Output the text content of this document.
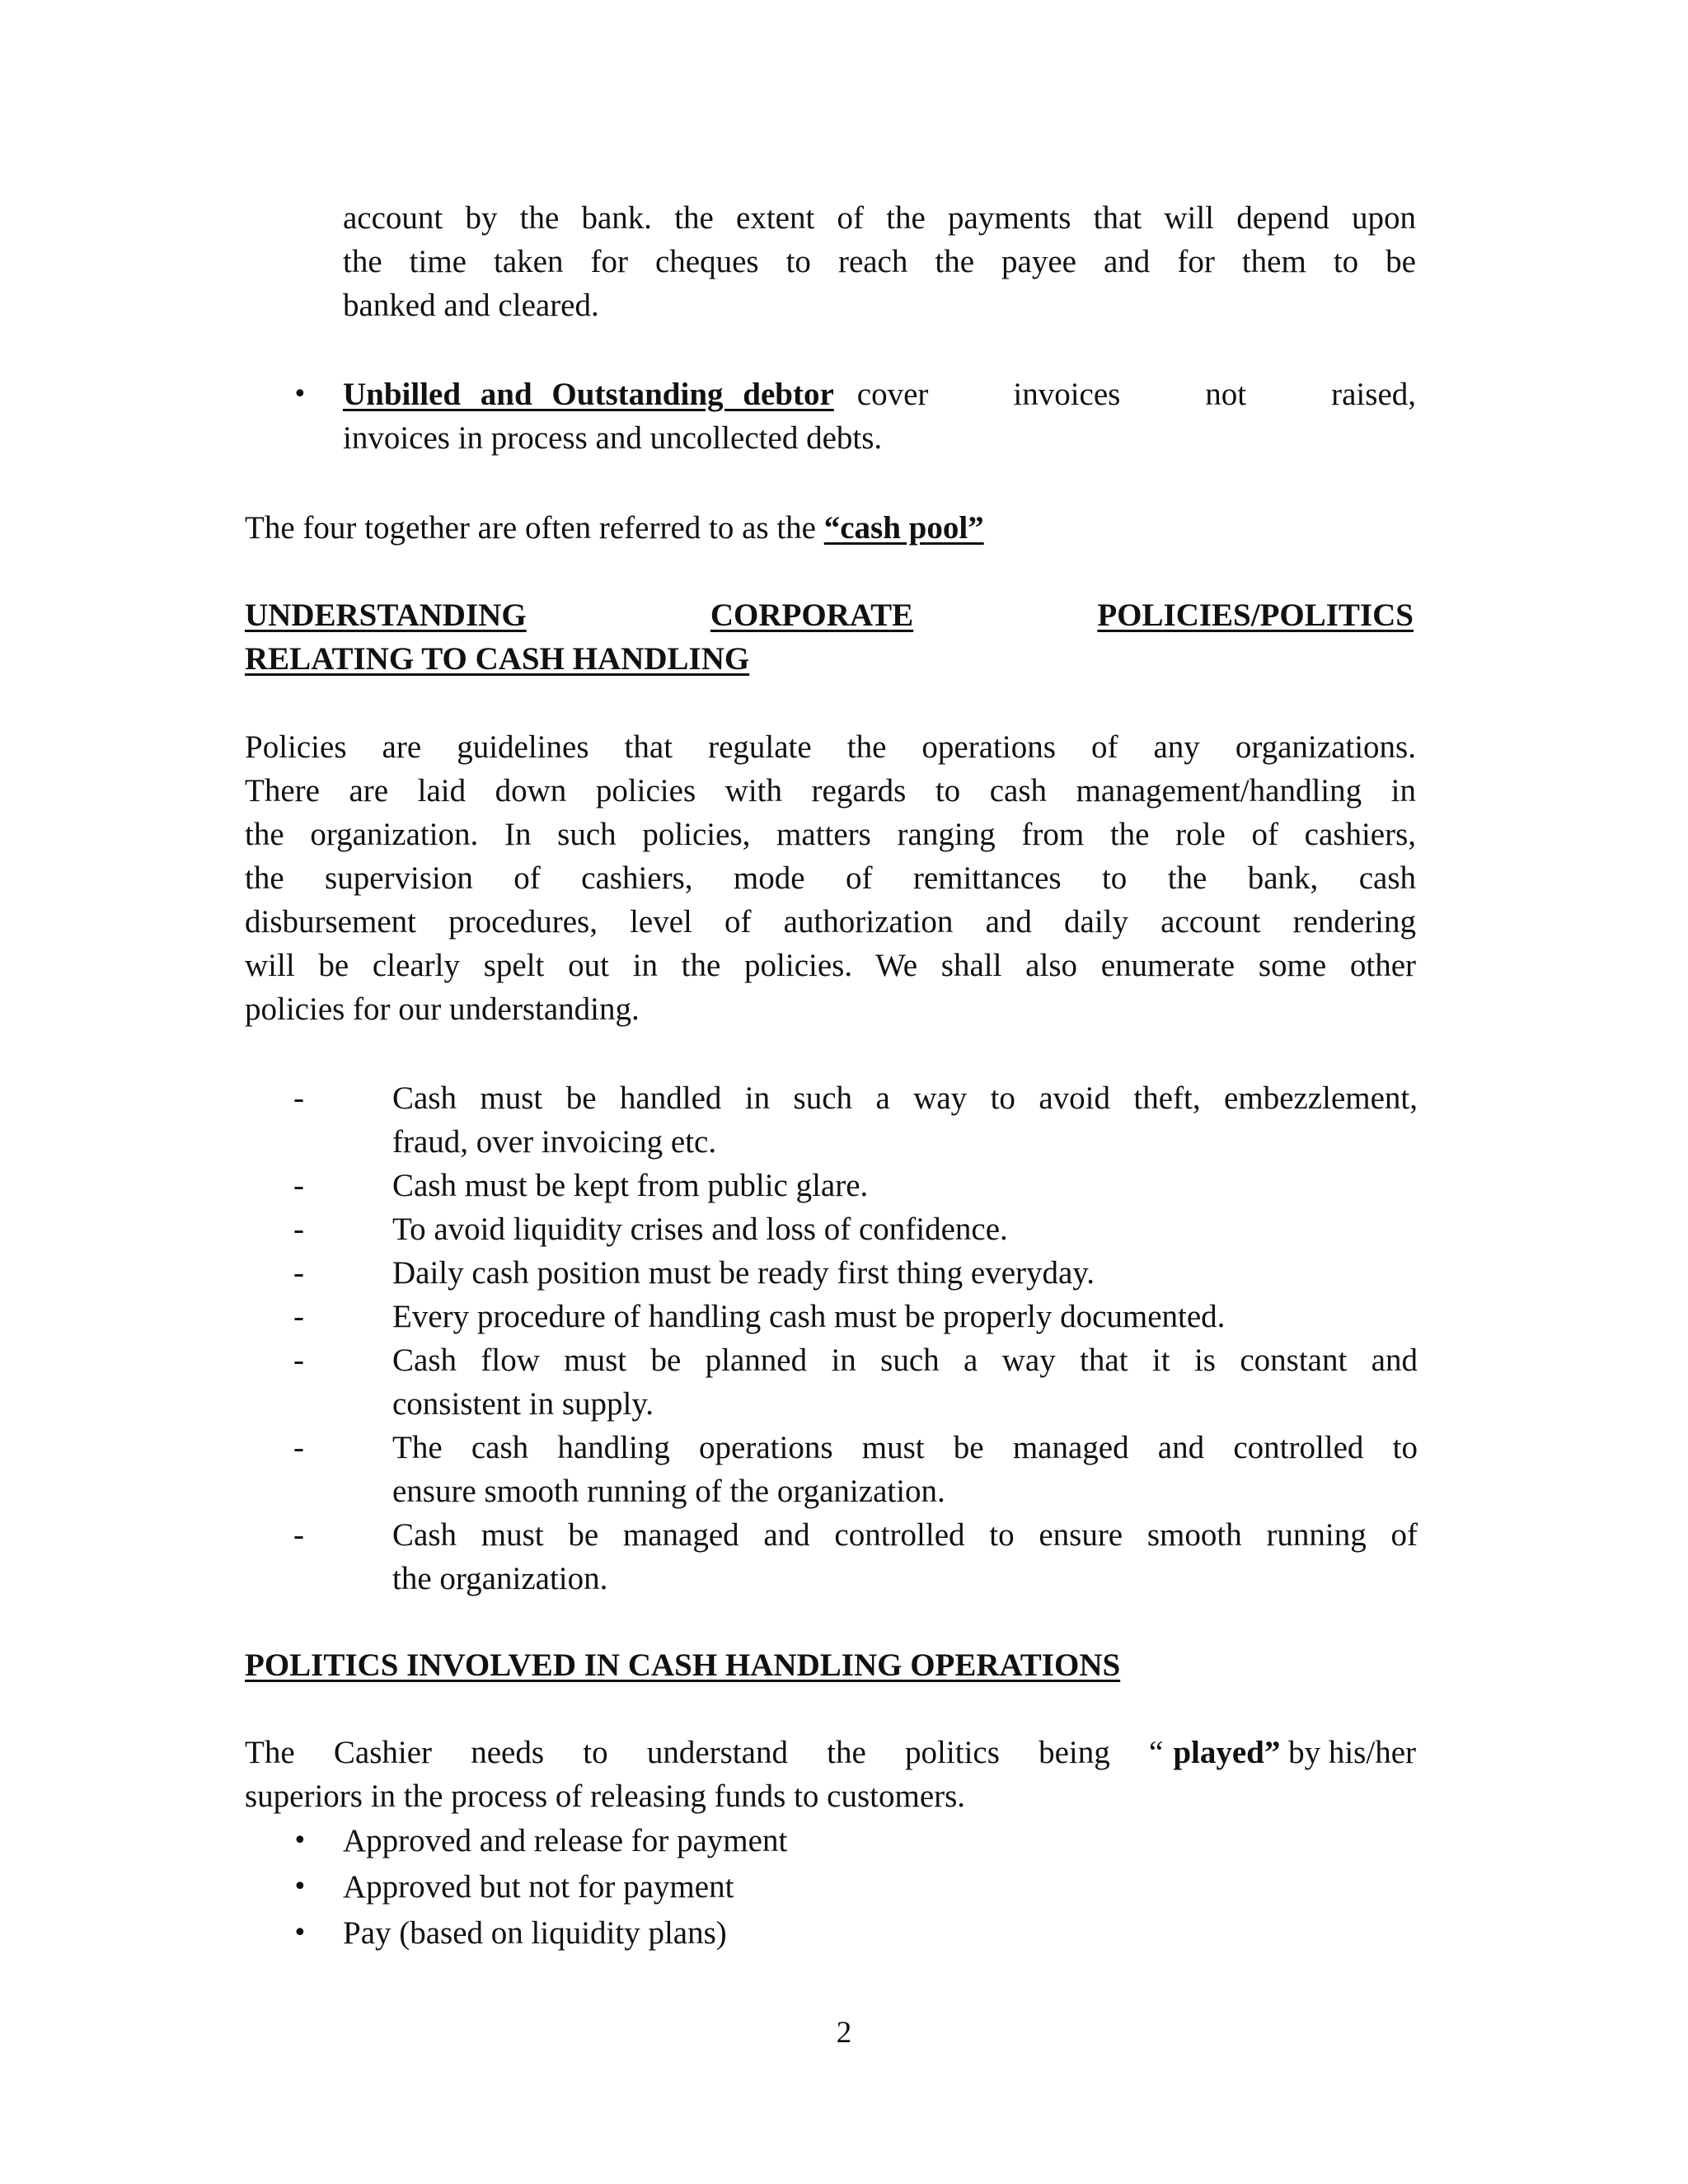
account by the bank. the extent of the payments that will depend upon
the time taken for cheques to reach the payee and for them to be
banked and cleared.
• Unbilled and Outstanding debtor cover invoices not raised,
invoices in process and uncollected debts.
The four together are often referred to as the “cash pool”
UNDERSTANDING	CORPORATE	POLICIES/POLITICS
RELATING TO CASH HANDLING
Policies are guidelines that regulate the operations of any organizations.
There are laid down policies with regards to cash management/handling in
the organization. In such policies, matters ranging from the role of cashiers,
the supervision of cashiers, mode of remittances to the bank, cash
disbursement procedures, level of authorization and daily account rendering
will be clearly spelt out in the policies. We shall also enumerate some other
policies for our understanding.
-	Cash must be handled in such a way to avoid theft, embezzlement,
fraud, over invoicing etc.
-	Cash must be kept from public glare.
-	To avoid liquidity crises and loss of confidence.
-	Daily cash position must be ready first thing everyday.
-	Every procedure of handling cash must be properly documented.
-	Cash flow must be planned in such a way that it is constant and
consistent in supply.
-	The cash handling operations must be managed and controlled to
ensure smooth running of the organization.
-	Cash must be managed and controlled to ensure smooth running of
the organization.
POLITICS INVOLVED IN CASH HANDLING OPERATIONS
The Cashier needs to understand the politics being “ played” by his/her
superiors in the process of releasing funds to customers.
• Approved and release for payment
• Approved but not for payment
• Pay (based on liquidity plans)
2
